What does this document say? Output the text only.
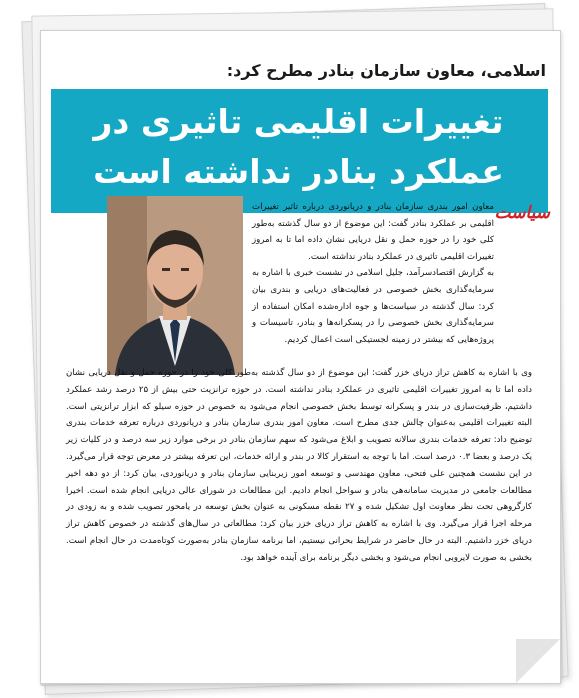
اسلامی، معاون سازمان بنادر مطرح کرد:
تغییرات اقلیمی تاثیری در عملکرد بنادر نداشته است
سیاست

معاون امور بندری سازمان بنادر و دریانوردی درباره تاثیر تغییرات اقلیمی بر عملکرد بنادر گفت: این موضوع از دو سال گذشته به‌طور کلی خود را در حوزه حمل و نقل دریایی نشان داده اما تا به امروز تغییرات اقلیمی تاثیری در عملکرد بنادر نداشته است.

به گزارش اقتصادسرآمد، جلیل اسلامی در نشست خبری با اشاره به سرمایه‌گذاری بخش خصوصی در فعالیت‌های دریایی و بندری بیان کرد: سال گذشته در سیاست‌ها و جوه اداره‌شده امکان استفاده از سرمایه‌گذاری بخش خصوصی را در پسکرانه‌ها و بنادر، تاسیسات و پروژه‌هایی که بیشتر در زمینه لجستیکی است اعمال کردیم.

وی با اشاره به کاهش تراز دریای خزر گفت: این موضوع از دو سال گذشته به‌طور کلی خود را در حوزه حمل و نقل دریایی نشان داده اما تا به امروز تغییرات اقلیمی تاثیری در عملکرد بنادر نداشته است. در حوزه ترانزیت حتی بیش از ۲۵ درصد رشد عملکرد داشتیم، ظرفیت‌سازی در بندر و پسکرانه توسط بخش خصوصی انجام می‌شود به خصوص در حوزه سیلو که ابزار ترانزیتی است. البته تغییرات اقلیمی به‌عنوان چالش جدی مطرح است. معاون امور بندری سازمان بنادر و دریانوردی درباره تعرفه خدمات بندری توضیح داد: تعرفه خدمات بندری سالانه تصویب و ابلاغ می‌شود که سهم سازمان بنادر در برخی موارد زیر سه درصد و در کلیات زیر یک درصد و بعضا ۰.۳ درصد است. اما با توجه به استقرار کالا در بندر و ارائه خدمات، این تعرفه بیشتر در معرض توجه قرار می‌گیرد. در این نشست همچنین علی فتحی، معاون مهندسی و توسعه امور زیربنایی سازمان بنادر و دریانوردی، بیان کرد: از دو دهه اخیر مطالعات جامعی در مدیریت سامانه‌هی بنادر و سواحل انجام دادیم. این مطالعات در شورای عالی دریایی انجام شده است. اخیرا کارگروهی تحت نظر معاونت اول تشکیل شده و ۲۷ نقطه مسکونی به عنوان بخش توسعه در یامحور تصویب شده و به زودی در مرحله اجرا قرار می‌گیرد. وی با اشاره به کاهش تراز دریای خزر بیان کرد: مطالعاتی در سال‌های گذشته در خصوص کاهش تراز دریای خزر داشتیم. البته در حال حاضر در شرایط بحرانی نیستیم، اما برنامه سازمان بنادر به‌صورت کوتاه‌مدت در حال انجام است. بخشی به صورت لایروبی انجام می‌شود و بخشی دیگر برنامه برای آینده خواهد بود.
